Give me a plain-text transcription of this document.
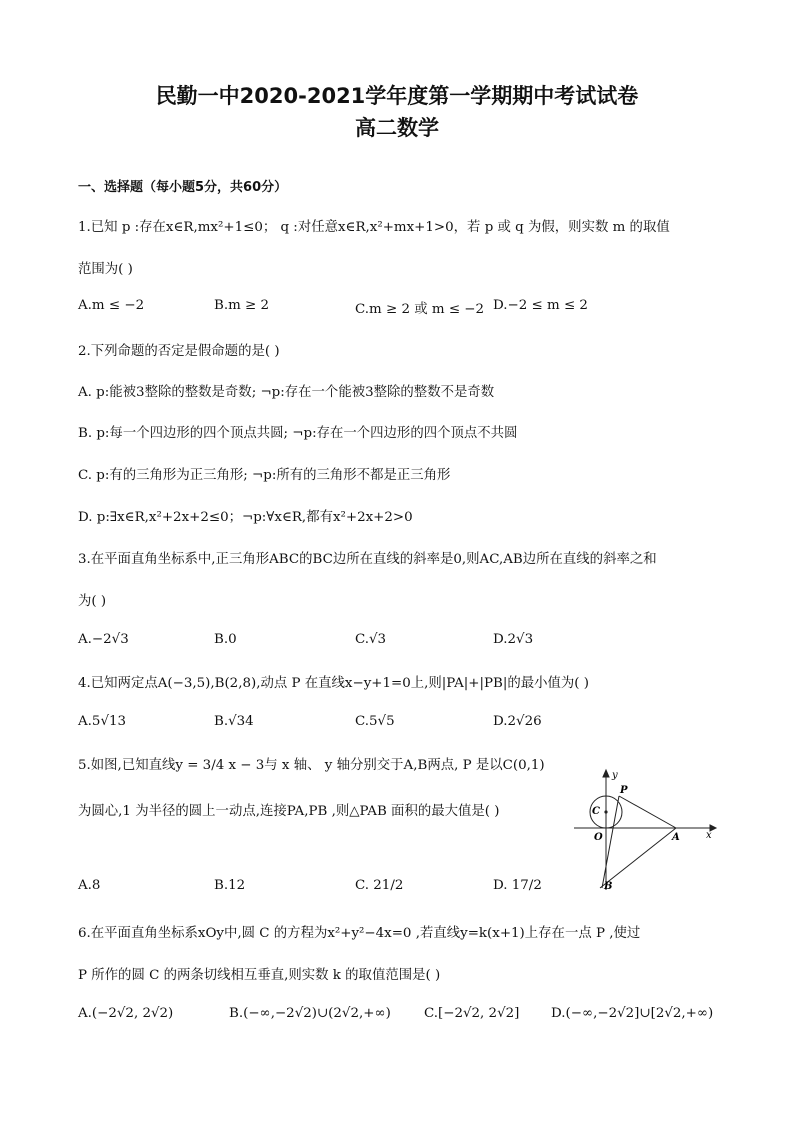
民勤一中2020-2021学年度第一学期期中考试试卷
高二数学
一、选择题（每小题5分，共60分）
1.已知 p :存在x∈R,mx²+1≤0； q :对任意x∈R,x²+mx+1>0，若 p 或 q 为假，则实数 m 的取值
范围为( )
A.m ≤ −2	B.m ≥ 2	C.m ≥ 2 或 m ≤ −2 D.−2 ≤ m ≤ 2
2.下列命题的否定是假命题的是( )
A. p:能被3整除的整数是奇数; ¬p:存在一个能被3整除的整数不是奇数
B. p:每一个四边形的四个顶点共圆; ¬p:存在一个四边形的四个顶点不共圆
C. p:有的三角形为正三角形; ¬p:所有的三角形不都是正三角形
D. p:∃x∈R,x²+2x+2≤0；¬p:∀x∈R,都有x²+2x+2>0
3.在平面直角坐标系中,正三角形ABC的BC边所在直线的斜率是0,则AC,AB边所在直线的斜率之和
为( )
A.−2√3	B.0	C.√3	D.2√3
4.已知两定点A(−3,5),B(2,8),动点 P 在直线x−y+1=0上,则|PA|+|PB|的最小值为( )
A.5√13	B.√34	C.5√5	D.2√26
5.如图,已知直线y = 3/4 x − 3与 x 轴、 y 轴分别交于A,B两点, P 是以C(0,1)
为圆心,1 为半径的圆上一动点,连接PA,PB ,则△PAB 面积的最大值是( )
A.8	B.12	C. 21/2	D. 17/2
y
x
P
C
O	A
B
6.在平面直角坐标系xOy中,圆 C 的方程为x²+y²−4x=0 ,若直线y=k(x+1)上存在一点 P ,使过
P 所作的圆 C 的两条切线相互垂直,则实数 k 的取值范围是( )
A.(−2√2, 2√2)	B.(−∞,−2√2)∪(2√2,+∞) C.[−2√2, 2√2] D.(−∞,−2√2]∪[2√2,+∞)
